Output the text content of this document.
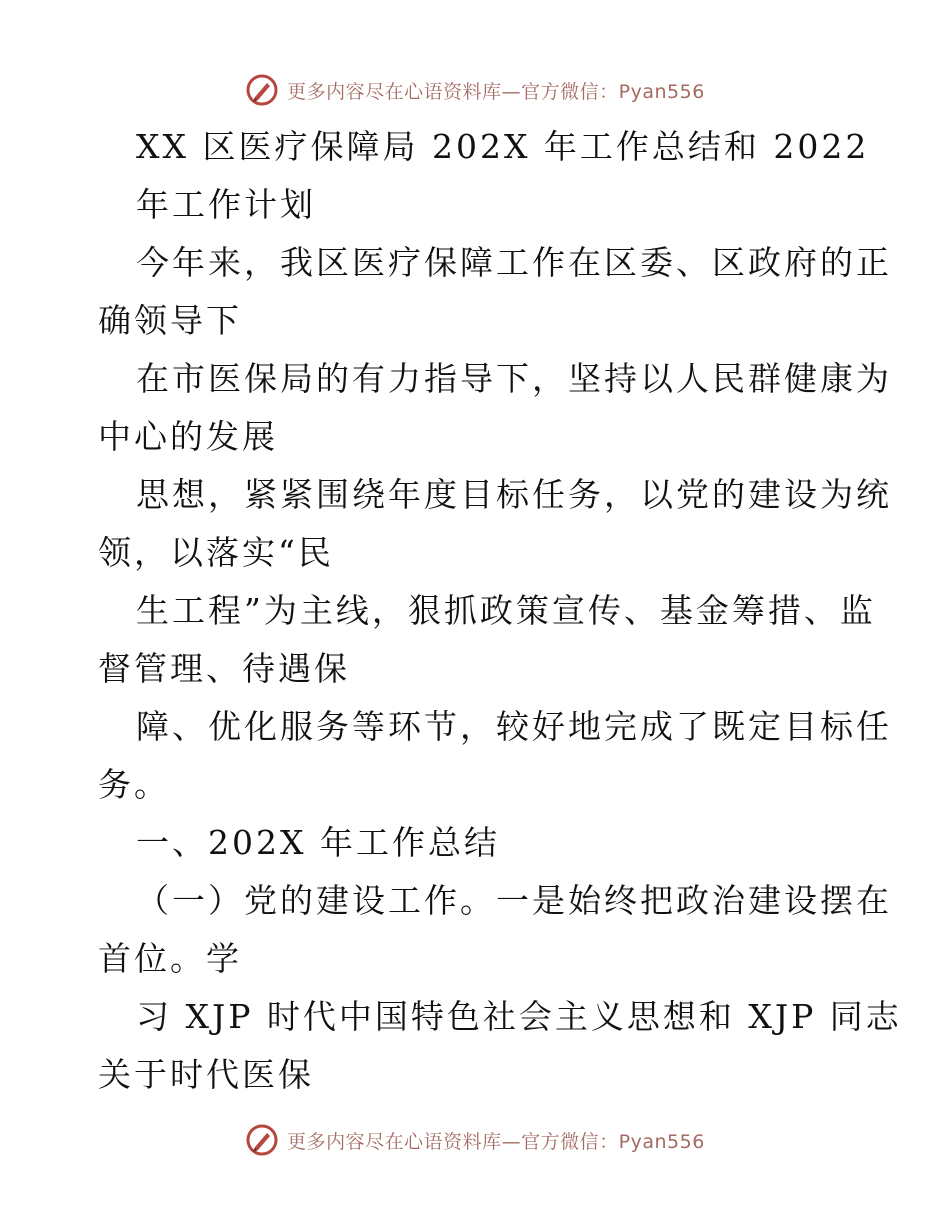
更多内容尽在心语资料库—官方微信：Pyan556
XX 区医疗保障局 202X 年工作总结和 2022
年工作计划
今年来，我区医疗保障工作在区委、区政府的正
确领导下
在市医保局的有力指导下，坚持以人民群健康为
中心的发展
思想，紧紧围绕年度目标任务，以党的建设为统
领，以落实“民
生工程”为主线，狠抓政策宣传、基金筹措、监
督管理、待遇保
障、优化服务等环节，较好地完成了既定目标任
务。
一、202X 年工作总结
（一）党的建设工作。一是始终把政治建设摆在
首位。学
习 XJP 时代中国特色社会主义思想和 XJP 同志
关于时代医保
更多内容尽在心语资料库—官方微信：Pyan556
